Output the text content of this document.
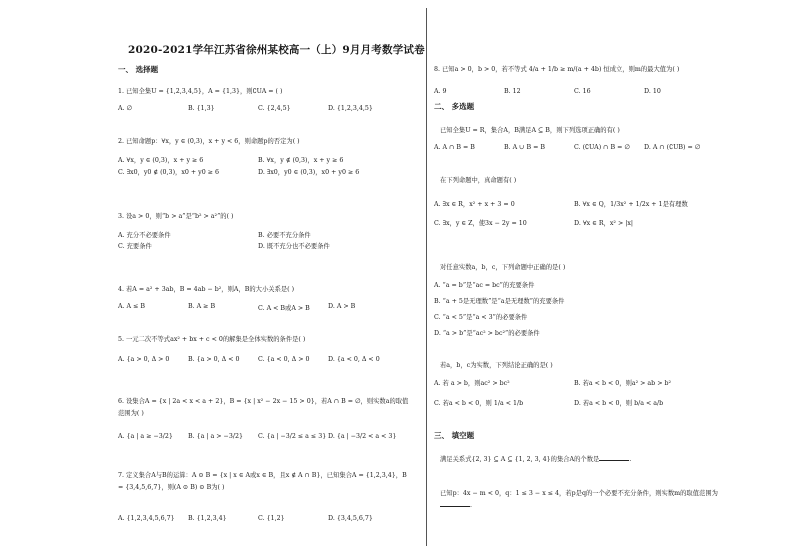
2020-2021学年江苏省徐州某校高一（上）9月月考数学试卷
一、 选择题
1. 已知全集U = {1,2,3,4,5}，A = {1,3}，则∁UA = ( )
A. ∅	B. {1,3}	C. {2,4,5}	D. {1,2,3,4,5}
2. 已知命题p：∀x，y ∈ (0,3)，x + y < 6，则命题p的否定为( )
A. ∀x，y ∈ (0,3)，x + y ≥ 6	B. ∀x，y ∉ (0,3)，x + y ≥ 6
C. ∃x0，y0 ∉ (0,3)，x0 + y0 ≥ 6	D. ∃x0，y0 ∈ (0,3)，x0 + y0 ≥ 6
3. 设a > 0，则“b > a”是“b² > a²”的( )
A. 充分不必要条件	B. 必要不充分条件
C. 充要条件	D. 既不充分也不必要条件
4. 若A = a² + 3ab，B = 4ab − b²，则A，B的大小关系是( )
A. A ≤ B	B. A ≥ B	C. A < B或A > B	D. A > B
5. 一元二次不等式ax² + bx + c < 0的解集是全体实数的条件是( )
A. {a > 0, Δ > 0	B. {a > 0, Δ < 0	C. {a < 0, Δ > 0	D. {a < 0, Δ < 0
6. 设集合A = {x | 2a < x < a + 2}，B = {x | x² − 2x − 15 > 0}，若A ∩ B = ∅，则实数a的取值范围为( )
A. {a | a ≥ −3/2} B. {a | a > −3/2} C. {a | −3/2 ≤ a ≤ 3} D. {a | −3/2 < a < 3}
7. 定义集合A与B的运算：A ⊙ B = {x | x ∈ A或x ∈ B，且x ∉ A ∩ B}，已知集合A = {1,2,3,4}，B = {3,4,5,6,7}，则(A ⊙ B) ⊙ B为( )
A. {1,2,3,4,5,6,7} B. {1,2,3,4}	C. {1,2}	D. {3,4,5,6,7}
8. 已知a > 0，b > 0，若不等式 4/a + 1/b ≥ m/(a + 4b) 恒成立，则m的最大值为( )
A. 9	B. 12	C. 16	D. 10
二、 多选题
已知全集U = R，集合A，B满足A ⊆ B，则下列选项正确的有( )
A. A ∩ B = B	B. A ∪ B = B	C. (∁UA) ∩ B = ∅ D. A ∩ (∁UB) = ∅
在下列命题中，真命题有( )
A. ∃x ∈ R，x² + x + 3 = 0	B. ∀x ∈ Q，1/3x² + 1/2x + 1是有理数
C. ∃x，y ∈ Z，使3x − 2y = 10	D. ∀x ∈ R，x² > |x|
对任意实数a，b，c，下列命题中正确的是( )
A. “a = b”是“ac = bc”的充要条件
B. “a + 5是无理数”是“a是无理数”的充要条件
C. “a < 5”是“a < 3”的必要条件
D. “a > b”是“ac² > bc²”的必要条件
若a，b，c为实数，下列结论正确的是( )
A. 若 a > b，则ac² > bc²	B. 若a < b < 0，则a² > ab > b²
C. 若a < b < 0，则 1/a < 1/b	D. 若a < b < 0，则 b/a < a/b
三、 填空题
满足关系式{2, 3} ⊆ A ⊆ {1, 2, 3, 4}的集合A的个数是	.
已知p：4x − m < 0，q：1 ≤ 3 − x ≤ 4，若p是q的一个必要不充分条件，则实数m的取值范围为.
